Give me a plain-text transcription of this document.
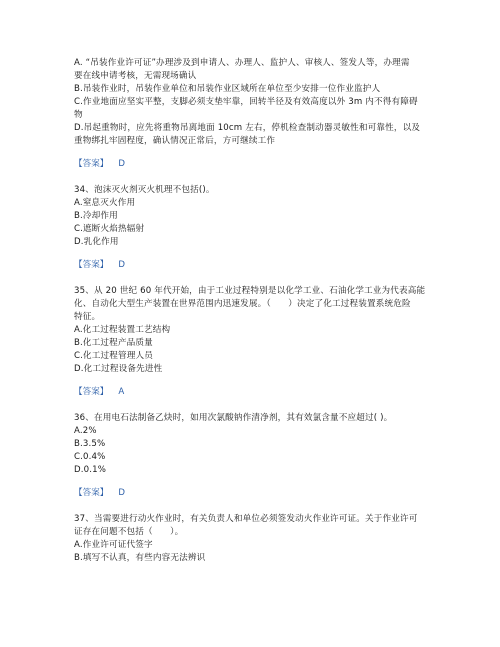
A. “吊装作业许可证”办理涉及到申请人、办理人、监护人、审核人、签发人等，办理需
要在线申请考核，无需现场确认
B.吊装作业时，吊装作业单位和吊装作业区域所在单位至少安排一位作业监护人
C.作业地面应坚实平整，支脚必须支垫牢靠，回转半径及有效高度以外 3m 内不得有障碍
物
D.吊起重物时，应先将重物吊离地面 10cm 左右，停机检查制动器灵敏性和可靠性，以及
重物绑扎牢固程度，确认情况正常后，方可继续工作
【答案】 D
34、泡沫灭火剂灭火机理不包括()。
A.窒息灭火作用
B.冷却作用
C.遮断火焰热辐射
D.乳化作用
【答案】 D
35、从 20 世纪 60 年代开始，由于工业过程特别是以化学工业、石油化学工业为代表高能
化、自动化大型生产装置在世界范围内迅速发展。（　　）决定了化工过程装置系统危险
特征。
A.化工过程装置工艺结构
B.化工过程产品质量
C.化工过程管理人员
D.化工过程设备先进性
【答案】 A
36、在用电石法制备乙炔时，如用次氯酸钠作清净剂，其有效氯含量不应超过( )。
A.2%
B.3.5%
C.0.4%
D.0.1%
【答案】 D
37、当需要进行动火作业时，有关负责人和单位必须签发动火作业许可证。关于作业许可
证存在问题不包括（　　）。
A.作业许可证代签字
B.填写不认真，有些内容无法辨识
